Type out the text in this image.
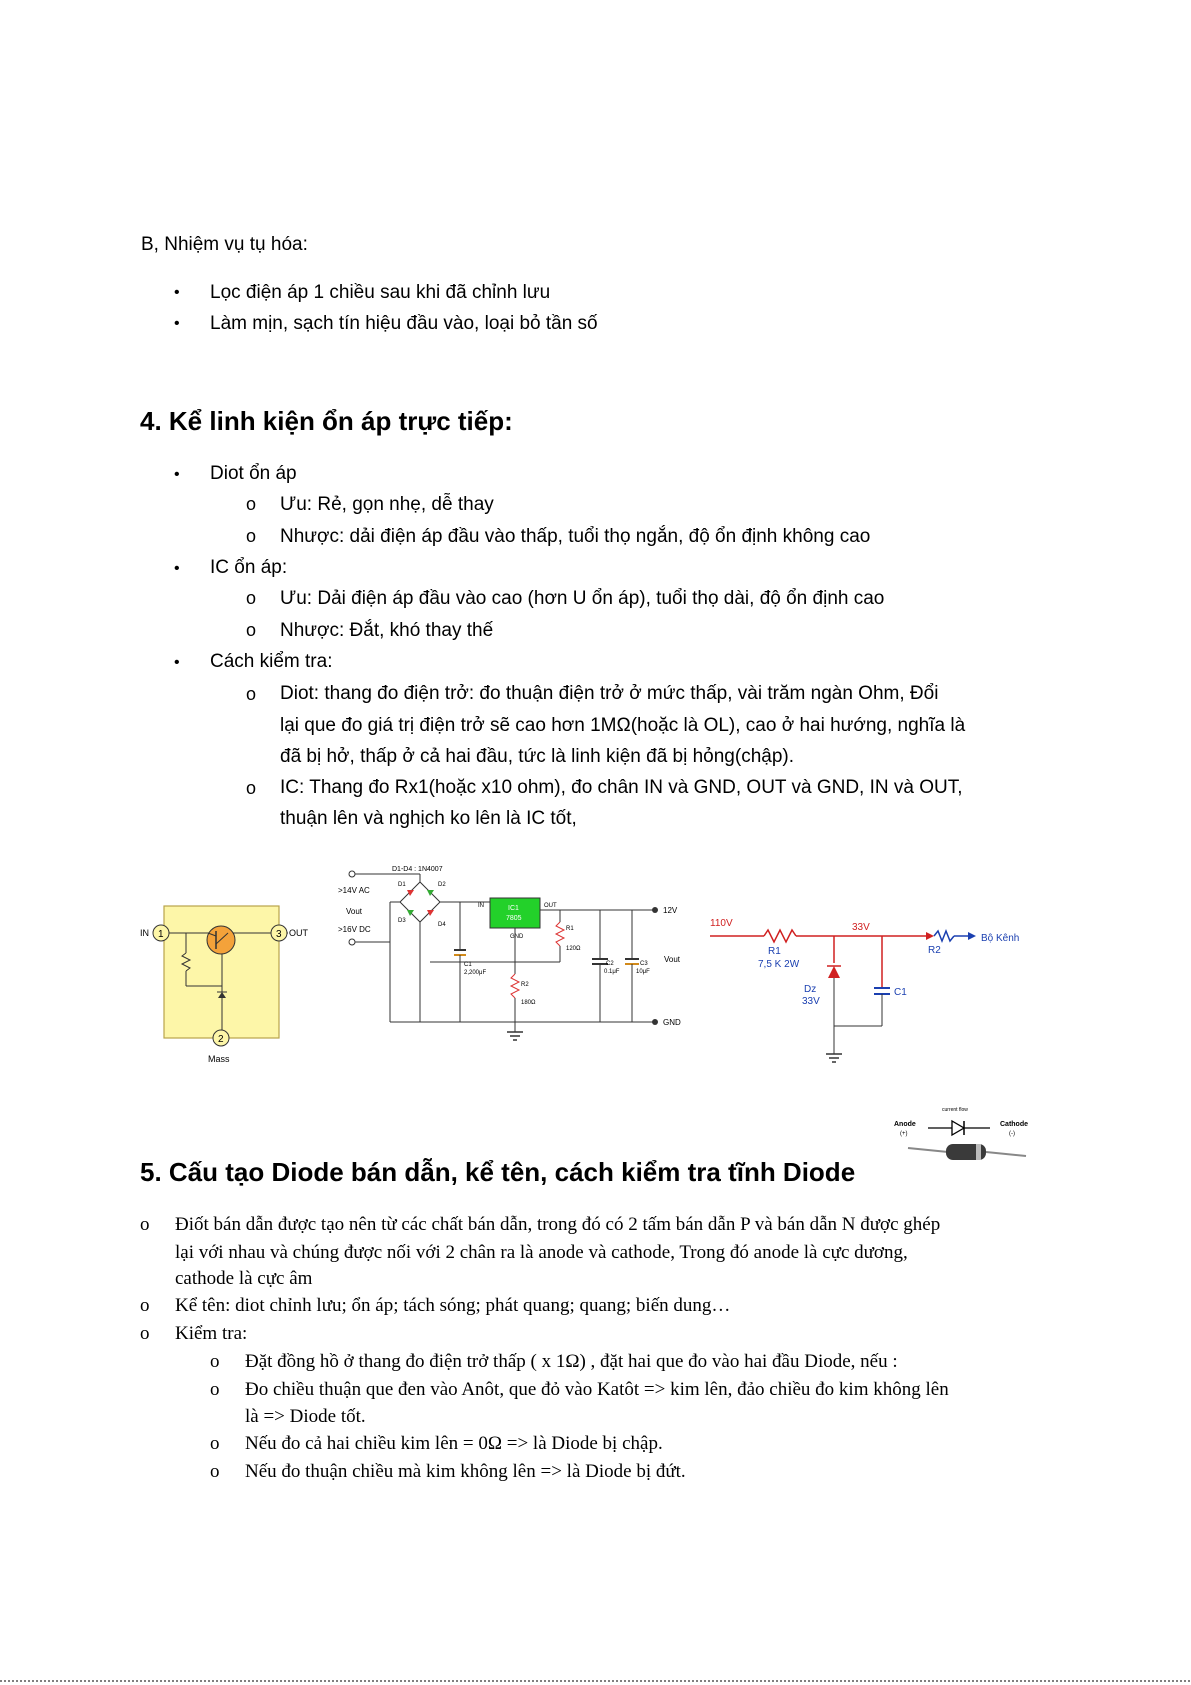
B, Nhiệm vụ tụ hóa:
• Lọc điện áp 1 chiều sau khi đã chỉnh lưu
• Làm mịn, sạch tín hiệu đầu vào, loại bỏ tần số
4. Kể linh kiện ổn áp trực tiếp:
• Diot ổn áp
o Ưu: Rẻ, gọn nhẹ, dễ thay
o Nhược: dải điện áp đầu vào thấp, tuổi thọ ngắn, độ ổn định không cao
• IC ổn áp:
o Ưu: Dải điện áp đầu vào cao (hơn U ổn áp), tuổi thọ dài, độ ổn định cao
o Nhược: Đắt, khó thay thế
• Cách kiểm tra:
o Diot: thang đo điện trở: đo thuận điện trở ở mức thấp, vài trăm ngàn Ohm, Đổi
lại que đo giá trị điện trở sẽ cao hơn 1MΩ(hoặc là OL), cao ở hai hướng, nghĩa là
đã bị hở, thấp ở cả hai đầu, tức là linh kiện đã bị hỏng(chập).
o IC: Thang đo Rx1(hoặc x10 ohm), đo chân IN và GND, OUT và GND, IN và OUT,
thuận lên và nghịch ko lên là IC tốt,
1	3
2
IN	OUT
Mass
D1-D4 : 1N4007
>14V AC
Vout
>16V DC
D1	D2
D3
D4
IC1
7805
IN	OUT
GND
12V
C1
2,200μF
R1
120Ω
R2
180Ω
C2
0.1μF
C3
10μF
Vout
GND
110V
Bộ Kênh
R1
7,5 K 2W
33V
R2
C1
Dz
33V
current flow
Anode
(+)
Cathode
(-)
5. Cấu tạo Diode bán dẫn, kể tên, cách kiểm tra tĩnh Diode
o Điốt bán dẫn được tạo nên từ các chất bán dẫn, trong đó có 2 tấm bán dẫn P và bán dẫn N được ghép
lại với nhau và chúng được nối với 2 chân ra là anode và cathode, Trong đó anode là cực dương,
cathode là cực âm
o Kể tên: diot chỉnh lưu; ổn áp; tách sóng; phát quang; quang; biến dung…
o Kiểm tra:
o Đặt đồng hồ ở thang đo điện trở thấp ( x 1Ω) , đặt hai que đo vào hai đầu Diode, nếu :
o Đo chiều thuận que đen vào Anôt, que đỏ vào Katôt => kim lên, đảo chiều đo kim không lên
là => Diode tốt.
o Nếu đo cả hai chiều kim lên = 0Ω => là Diode bị chập.
o Nếu đo thuận chiều mà kim không lên => là Diode bị đứt.
